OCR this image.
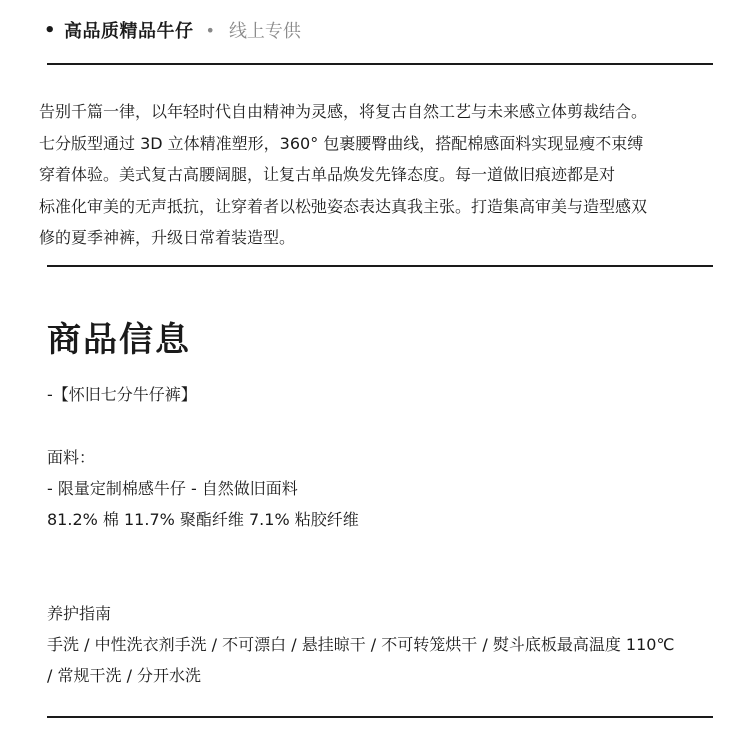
• 高品质精品牛仔 • 线上专供
告别千篇一律，以年轻时代自由精神为灵感，将复古自然工艺与未来感立体剪裁结合。
七分版型通过 3D 立体精准塑形，360° 包裹腰臀曲线，搭配棉感面料实现显瘦不束缚
穿着体验。美式复古高腰阔腿，让复古单品焕发先锋态度。每一道做旧痕迹都是对
标准化审美的无声抵抗，让穿着者以松弛姿态表达真我主张。打造集高审美与造型感双
修的夏季神裤，升级日常着装造型。
商品信息
-【怀旧七分牛仔裤】
面料：
- 限量定制棉感牛仔 - 自然做旧面料
81.2% 棉 11.7% 聚酯纤维 7.1% 粘胶纤维
养护指南
手洗 / 中性洗衣剂手洗 / 不可漂白 / 悬挂晾干 / 不可转笼烘干 / 熨斗底板最高温度 110℃
/ 常规干洗 / 分开水洗
